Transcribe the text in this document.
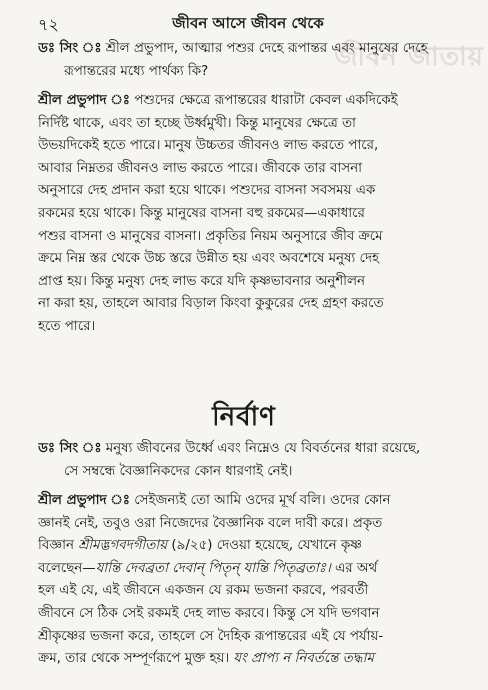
৭২	জীবন আসে জীবন থেকে
জীবন জাতায়
ডঃ সিং ঃ শ্রীল প্রভুপাদ, আত্মার পশুর দেহে রূপান্তর এবং মানুষের দেহে
রূপান্তরের মধ্যে পার্থক্য কি?
শ্রীল প্রভুপাদ ঃ পশুদের ক্ষেত্রে রূপান্তরের ধারাটা কেবল একদিকেই
নির্দিষ্ট থাকে, এবং তা হচ্ছে উর্ধ্বমুখী। কিন্তু মানুষের ক্ষেত্রে তা
উভয়দিকেই হতে পারে। মানুষ উচ্চতর জীবনও লাভ করতে পারে,
আবার নিম্নতর জীবনও লাভ করতে পারে। জীবকে তার বাসনা
অনুসারে দেহ প্রদান করা হয়ে থাকে। পশুদের বাসনা সবসময় এক
রকমের হয়ে থাকে। কিন্তু মানুষের বাসনা বহু রকমের—একাধারে
পশুর বাসনা ও মানুষের বাসনা। প্রকৃতির নিয়ম অনুসারে জীব ক্রমে
ক্রমে নিম্ন স্তর থেকে উচ্চ স্তরে উন্নীত হয় এবং অবশেষে মনুষ্য দেহ
প্রাপ্ত হয়। কিন্তু মনুষ্য দেহ লাভ করে যদি কৃষ্ণভাবনার অনুশীলন
না করা হয়, তাহলে আবার বিড়াল কিংবা কুকুরের দেহ গ্রহণ করতে
হতে পারে।
নির্বাণ
ডঃ সিং ঃ মনুষ্য জীবনের উর্ধ্বে এবং নিম্নেও যে বিবর্তনের ধারা রয়েছে,
সে সম্বন্ধে বৈজ্ঞানিকদের কোন ধারণাই নেই।
শ্রীল প্রভুপাদ ঃ সেইজন্যই তো আমি ওদের মূর্খ বলি। ওদের কোন
জ্ঞানই নেই, তবুও ওরা নিজেদের বৈজ্ঞানিক বলে দাবী করে। প্রকৃত
বিজ্ঞান শ্রীমদ্ভগবদগীতায় (৯/২৫) দেওয়া হয়েছে, যেখানে কৃষ্ণ
বলেছেন—যান্তি দেবব্রতা দেবান্ পিতৃন্ যান্তি পিতৃব্রতাঃ। এর অর্থ
হল এই যে, এই জীবনে একজন যে রকম ভজনা করবে, পরবর্তী
জীবনে সে ঠিক সেই রকমই দেহ লাভ করবে। কিন্তু সে যদি ভগবান
শ্রীকৃষ্ণের ভজনা করে, তাহলে সে দৈহিক রূপান্তরের এই যে পর্যায়-
ক্রম, তার থেকে সম্পূর্ণরূপে মুক্ত হয়। যং প্রাপ্য ন নিবর্তন্তে তদ্ধাম
